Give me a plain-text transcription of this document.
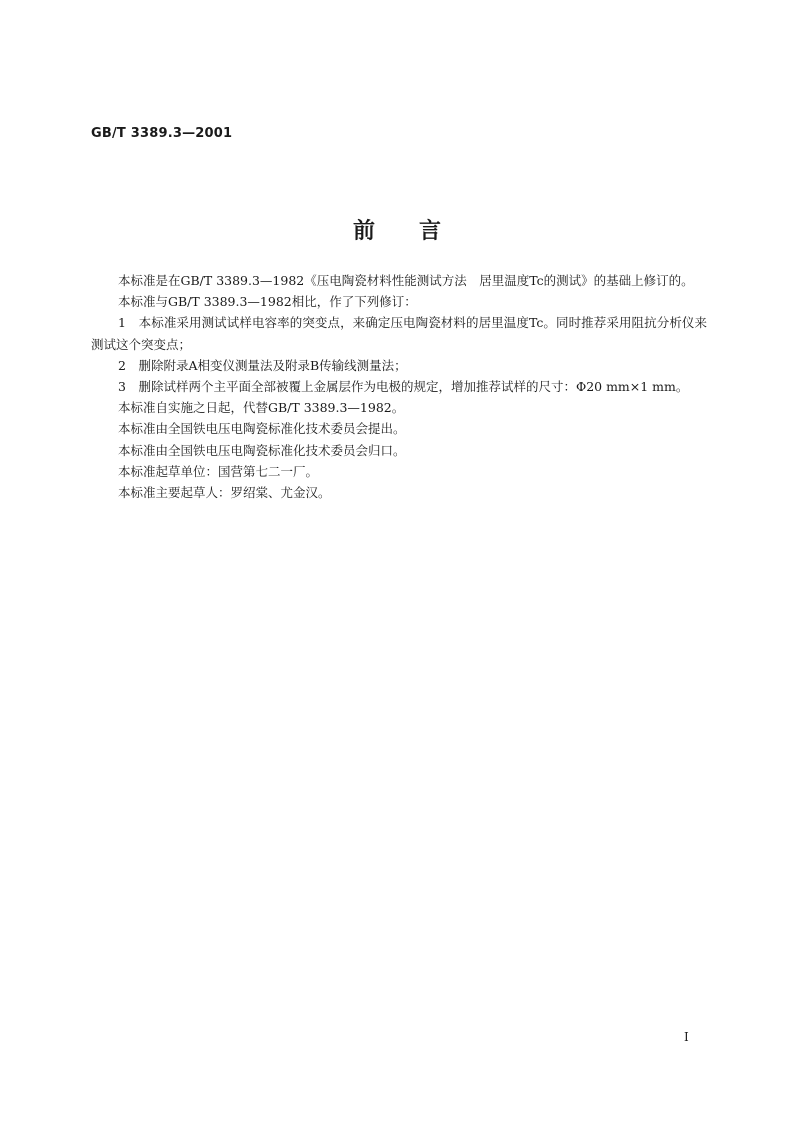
GB/T 3389.3—2001
前言

本标准是在GB/T 3389.3—1982《压电陶瓷材料性能测试方法　居里温度Tc的测试》的基础上修订的。

本标准与GB/T 3389.3—1982相比，作了下列修订：

1　本标准采用测试试样电容率的突变点，来确定压电陶瓷材料的居里温度Tc。同时推荐采用阻抗分析仪来测试这个突变点；

2　删除附录A相变仪测量法及附录B传输线测量法；

3　删除试样两个主平面全部被覆上金属层作为电极的规定，增加推荐试样的尺寸：Φ20 mm×1 mm。

本标准自实施之日起，代替GB/T 3389.3—1982。

本标准由全国铁电压电陶瓷标准化技术委员会提出。

本标准由全国铁电压电陶瓷标准化技术委员会归口。

本标准起草单位：国营第七二一厂。

本标准主要起草人：罗绍棠、尤金汉。

I
